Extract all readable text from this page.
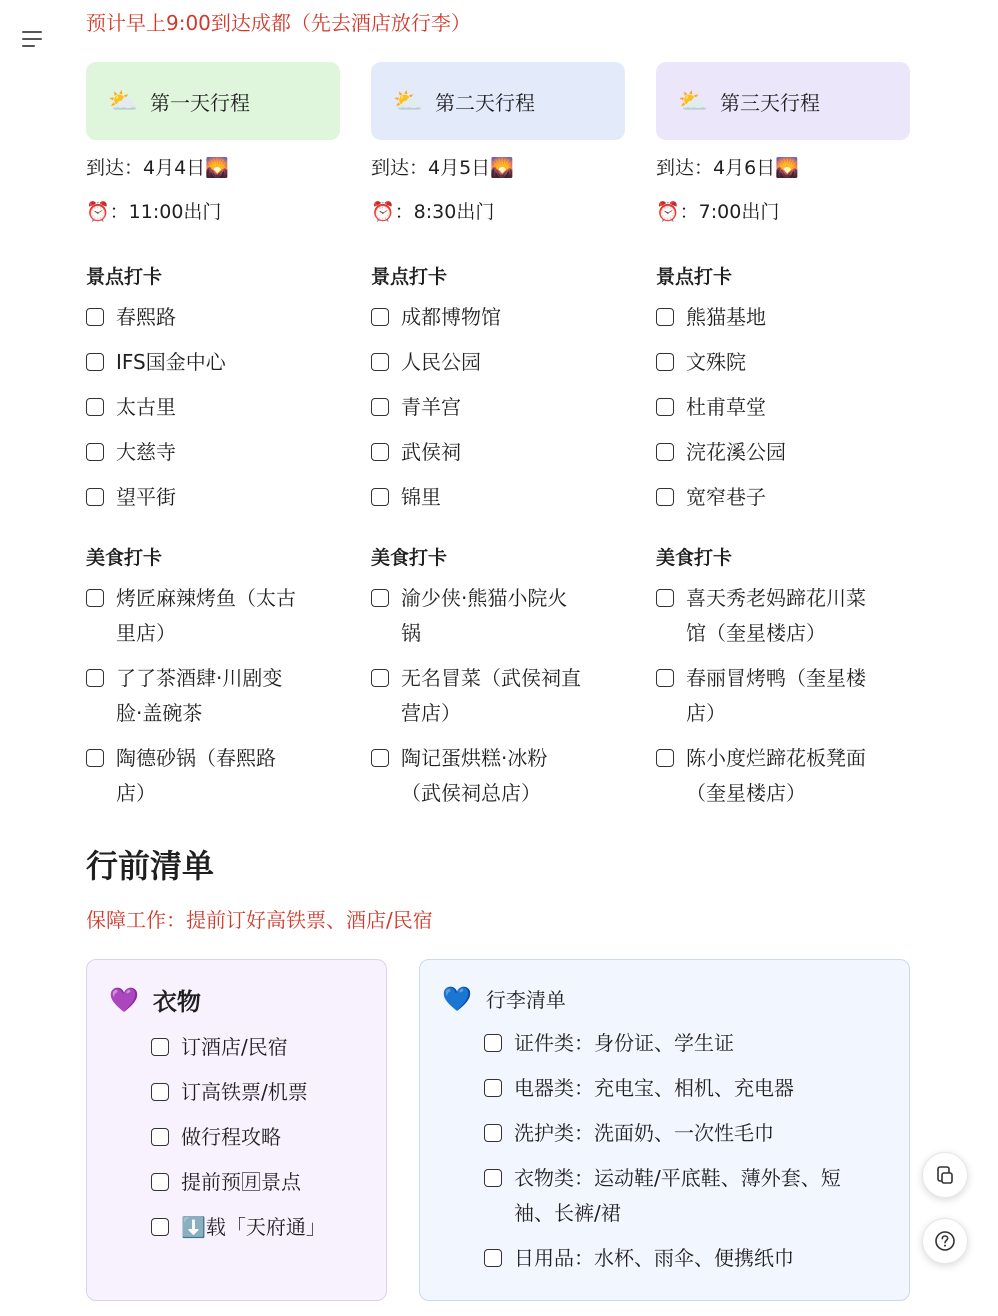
预计早上9:00到达成都（先去酒店放行李）
⛅ 第一天行程
到达：4月4日🌄
⏰：11:00出门
景点打卡
春熙路
IFS国金中心
太古里
大慈寺
望平街
美食打卡
烤匠麻辣烤鱼（太古里店）
了了茶酒肆·川剧变脸·盖碗茶
陶德砂锅（春熙路店）
⛅ 第二天行程
到达：4月5日🌄
⏰：8:30出门
景点打卡
成都博物馆
人民公园
青羊宫
武侯祠
锦里
美食打卡
渝少侠·熊猫小院火锅
无名冒菜（武侯祠直营店）
陶记蛋烘糕·冰粉（武侯祠总店）
⛅ 第三天行程
到达：4月6日🌄
⏰：7:00出门
景点打卡
熊猫基地
文殊院
杜甫草堂
浣花溪公园
宽窄巷子
美食打卡
喜天秀老妈蹄花川菜馆（奎星楼店）
春丽冒烤鸭（奎星楼店）
陈小度烂蹄花板凳面（奎星楼店）
行前清单
保障工作：提前订好高铁票、酒店/民宿
💜 衣物
订酒店/民宿
订高铁票/机票
做行程攻略
提前预🈷景点
⬇️载「天府通」
💙 行李清单
证件类：身份证、学生证
电器类：充电宝、相机、充电器
洗护类：洗面奶、一次性毛巾
衣物类：运动鞋/平底鞋、薄外套、短袖、长裤/裙
日用品：水杯、雨伞、便携纸巾
